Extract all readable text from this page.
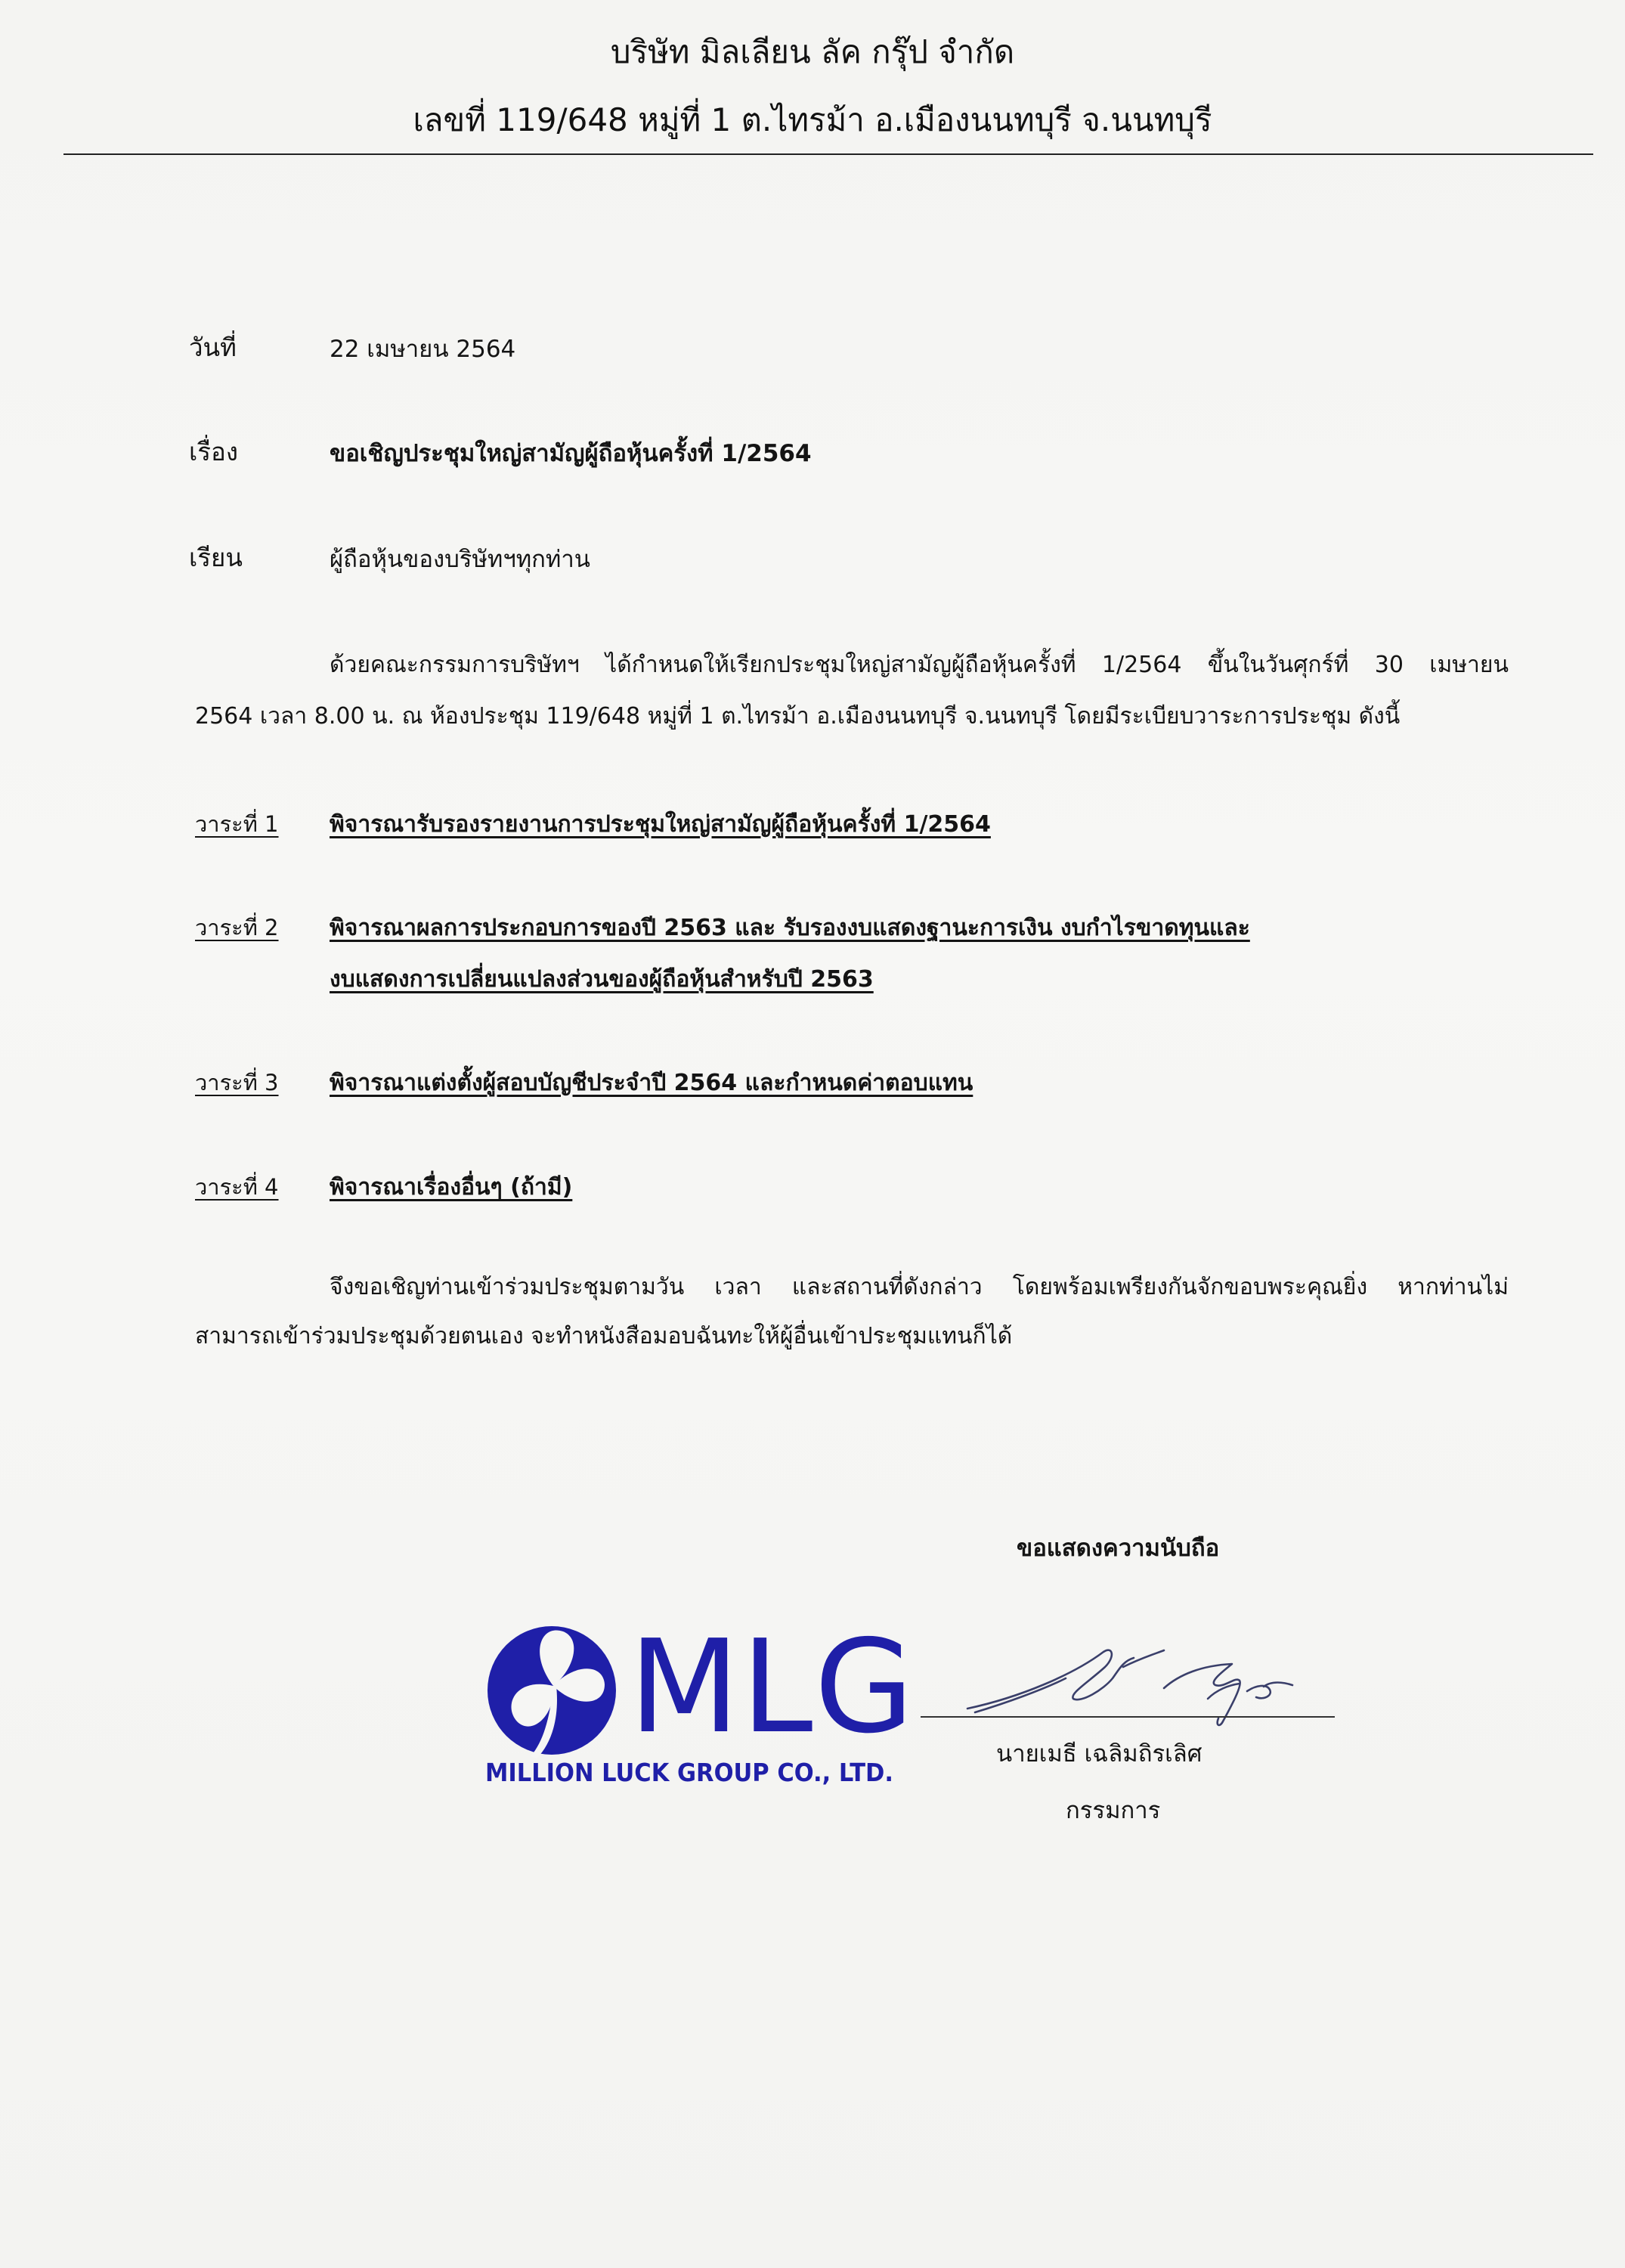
บริษัท มิลเลียน ลัค กรุ๊ป จำกัด
เลขที่ 119/648 หมู่ที่ 1 ต.ไทรม้า อ.เมืองนนทบุรี จ.นนทบุรี
วันที่	22 เมษายน 2564
เรื่อง	ขอเชิญประชุมใหญ่สามัญผู้ถือหุ้นครั้งที่ 1/2564
เรียน	ผู้ถือหุ้นของบริษัทฯทุกท่าน
ด้วยคณะกรรมการบริษัทฯ ได้กำหนดให้เรียกประชุมใหญ่สามัญผู้ถือหุ้นครั้งที่ 1/2564 ขึ้นในวันศุกร์ที่ 30 เมษายน
2564 เวลา 8.00 น. ณ ห้องประชุม 119/648 หมู่ที่ 1 ต.ไทรม้า อ.เมืองนนทบุรี จ.นนทบุรี โดยมีระเบียบวาระการประชุม ดังนี้
วาระที่ 1	พิจารณารับรองรายงานการประชุมใหญ่สามัญผู้ถือหุ้นครั้งที่ 1/2564
วาระที่ 2	พิจารณาผลการประกอบการของปี 2563 และ รับรองงบแสดงฐานะการเงิน งบกำไรขาดทุนและ
งบแสดงการเปลี่ยนแปลงส่วนของผู้ถือหุ้นสำหรับปี 2563
วาระที่ 3	พิจารณาแต่งตั้งผู้สอบบัญชีประจำปี 2564 และกำหนดค่าตอบแทน
วาระที่ 4	พิจารณาเรื่องอื่นๆ (ถ้ามี)
จึงขอเชิญท่านเข้าร่วมประชุมตามวัน เวลา และสถานที่ดังกล่าว โดยพร้อมเพรียงกันจักขอบพระคุณยิ่ง หากท่านไม่
สามารถเข้าร่วมประชุมด้วยตนเอง จะทำหนังสือมอบฉันทะให้ผู้อื่นเข้าประชุมแทนก็ได้
ขอแสดงความนับถือ
MLG
MILLION LUCK GROUP CO., LTD.
นายเมธี เฉลิมถิรเลิศ
กรรมการ
